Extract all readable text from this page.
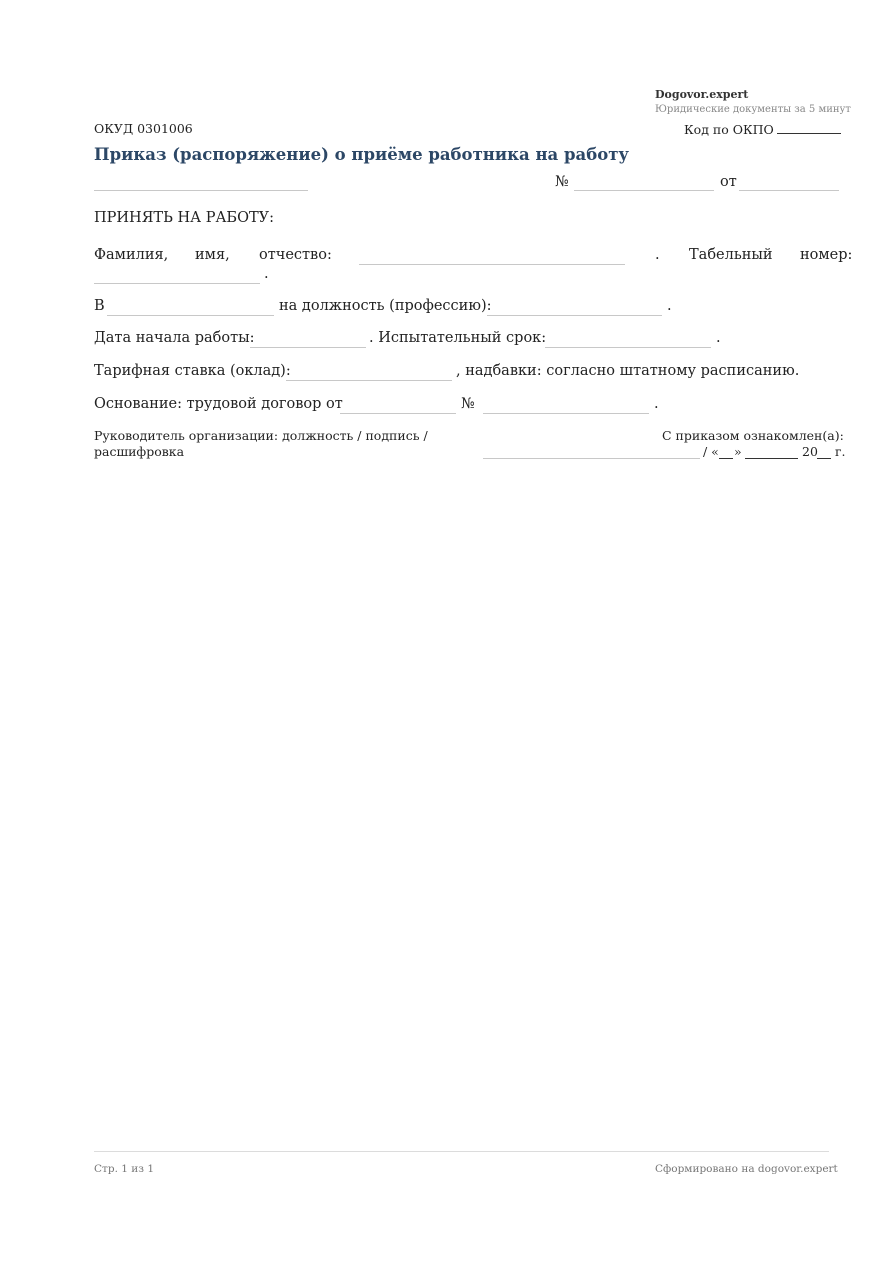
Dogovor.expert
Юридические документы за 5 минут
ОКУД 0301006	Код по ОКПО
Приказ (распоряжение) о приёме работника на работу
№	от
ПРИНЯТЬ НА РАБОТУ:
Фамилия, имя, отчество:	. Табельный номер:
.
В	на должность (профессию):	.
Дата начала работы:	. Испытательный срок:	.
Тарифная ставка (оклад):	, надбавки: согласно штатному расписанию.
Основание: трудовой договор от	№	.
Руководитель организации: должность / подпись /
расшифровка
С приказом ознакомлен(а):
/ « »	20 г.
Стр. 1 из 1	Сформировано на dogovor.expert
